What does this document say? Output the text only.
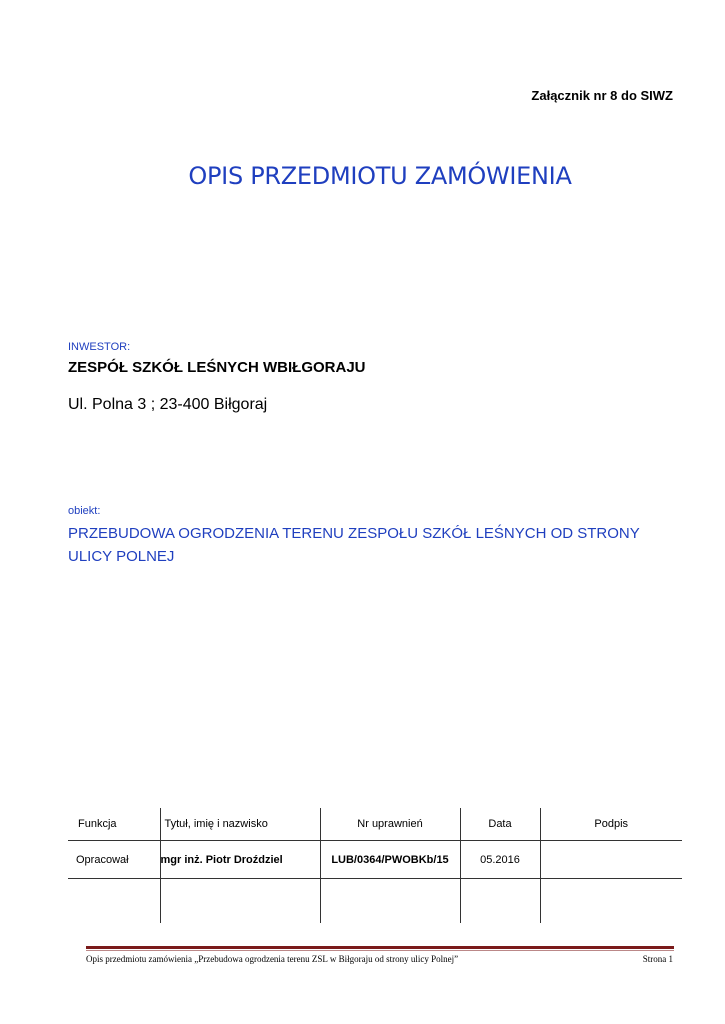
Załącznik nr 8 do SIWZ
OPIS PRZEDMIOTU ZAMÓWIENIA
INWESTOR:
ZESPÓŁ SZKÓŁ LEŚNYCH WBIŁGORAJU
Ul. Polna 3 ; 23-400 Biłgoraj
obiekt:
PRZEBUDOWA OGRODZENIA TERENU ZESPOŁU SZKÓŁ LEŚNYCH OD STRONY ULICY POLNEJ
Funkcja	Tytuł, imię i nazwisko	Nr uprawnień	Data	Podpis
Opracował	mgr inż. Piotr Droździel	LUB/0364/PWOBKb/15	05.2016	

Opis przedmiotu zamówienia „Przebudowa ogrodzenia terenu ZSL w Biłgoraju od strony ulicy Polnej”	Strona 1
